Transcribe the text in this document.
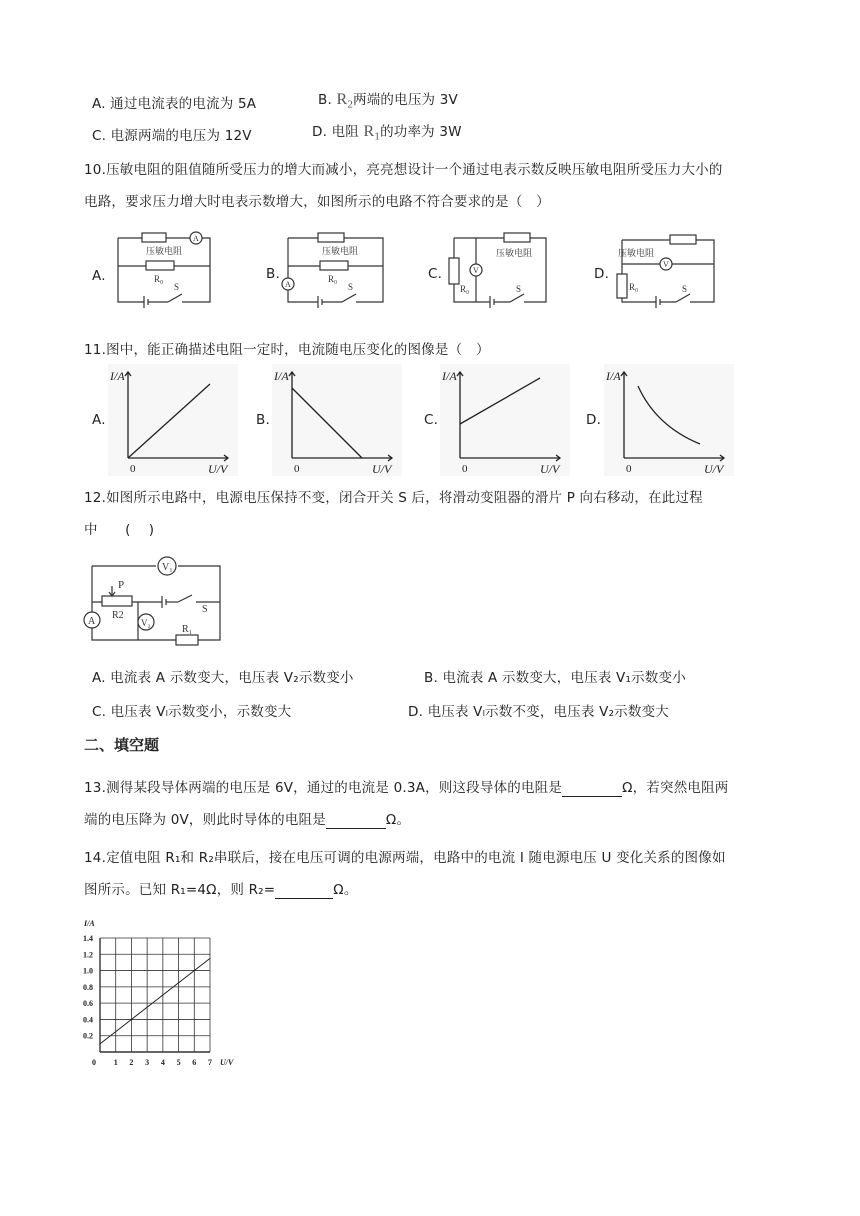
A. 通过电流表的电流为 5A	B. $R_2$两端的电压为 3V
C. 电源两端的电压为 12V	D. 电阻 $R_1$的功率为 3W
10.压敏电阻的阻值随所受压力的增大而减小，亮亮想设计一个通过电表示数反映压敏电阻所受压力大小的
电路，要求压力增大时电表示数增大，如图所示的电路不符合要求的是（　）
A.
A
压敏电阻
R₀
S
B.
A
压敏电阻
R₀
S
C.	V
压敏电阻
R₀	S
D.
V
压敏电阻
R₀	S
11.图中，能正确描述电阻一定时，电流随电压变化的图像是（　）
A.
I/A
U/V
0
B.
I/A
U/V
0
C.
I/A
U/V
0
D.
I/A
U/V
0
12.如图所示电路中，电源电压保持不变，闭合开关 S 后，将滑动变阻器的滑片 P 向右移动，在此过程
中　　(　 )
V₁
V₂
A
P
R2
R₁
S
A. 电流表 A 示数变大，电压表 V₂示数变小	B. 电流表 A 示数变大，电压表 V₁示数变小
C. 电压表 Vₗ示数变小，示数变大	D. 电压表 Vₗ示数不变，电压表 V₂示数变大
二、填空题
13.测得某段导体两端的电压是 6V，通过的电流是 0.3A，则这段导体的电阻是	Ω，若突然电阻两
端的电压降为 0V，则此时导体的电阻是	Ω。
14.定值电阻 R₁和 R₂串联后，接在电压可调的电源两端，电路中的电流 I 随电源电压 U 变化关系的图像如
图所示。已知 R₁=4Ω，则 R₂=	Ω。
0 1 2 3 4 5 6 7
0.2
0.4
0.6
0.8
1.0
1.2
1.4
I/A
U/V
